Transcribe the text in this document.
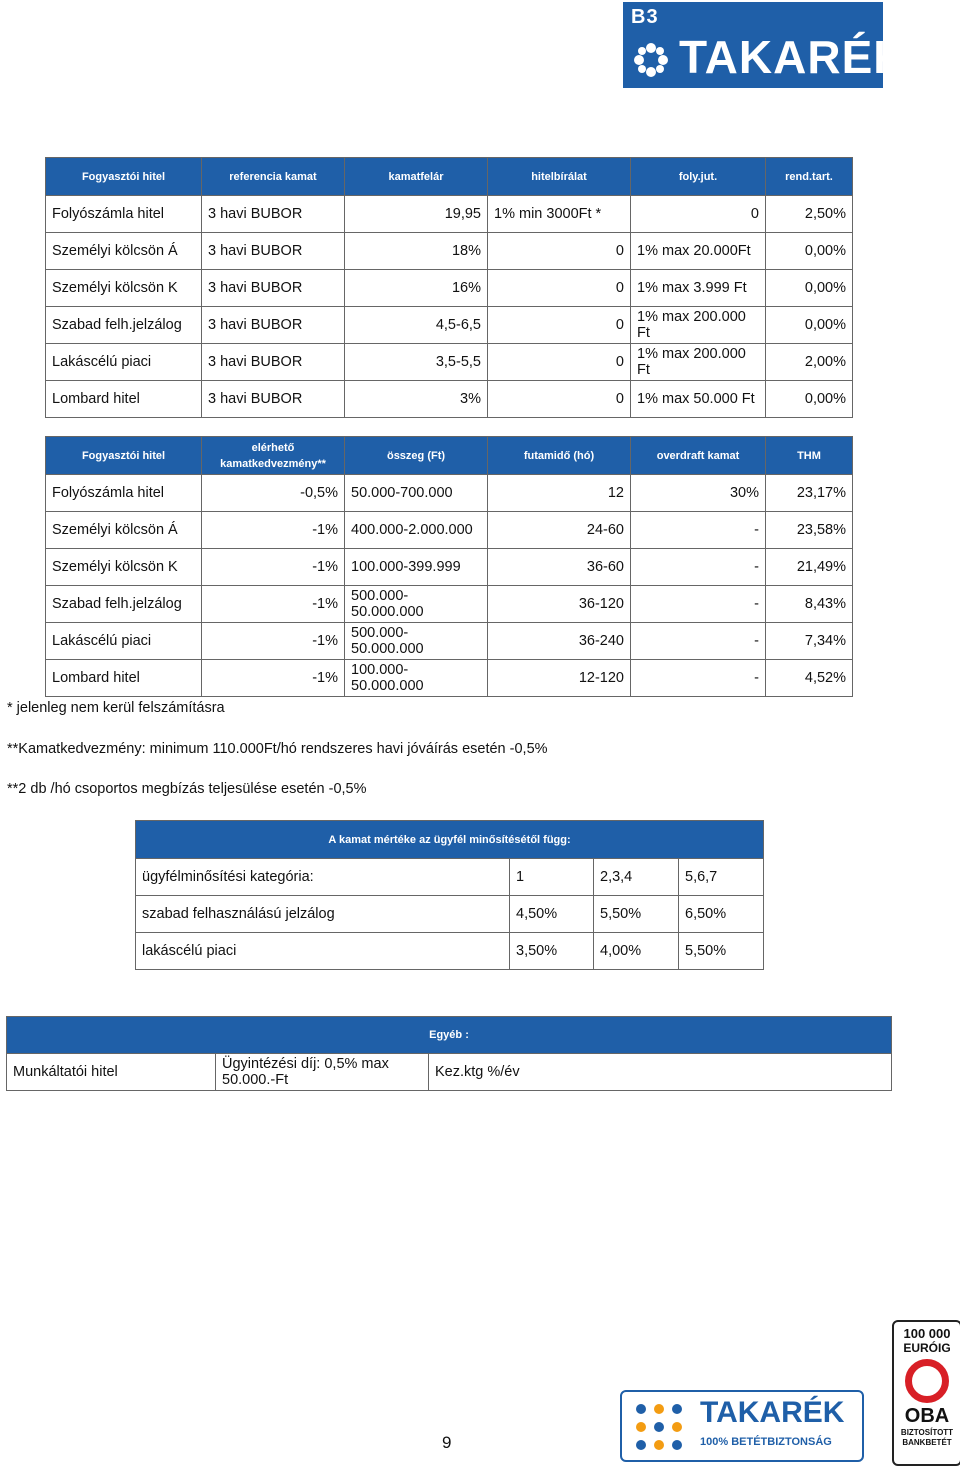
B3
TAKARÉK
Fogyasztói hitel	referencia kamat	kamatfelár	hitelbírálat	foly.jut.	rend.tart.
Folyószámla hitel	3 havi BUBOR	19,95	1% min 3000Ft *	0	2,50%
Személyi kölcsön Á	3 havi BUBOR	18%	0	1% max 20.000Ft	0,00%
Személyi kölcsön K	3 havi BUBOR	16%	0	1% max 3.999 Ft	0,00%
Szabad felh.jelzálog	3 havi BUBOR	4,5-6,5	0	1% max 200.000 Ft	0,00%
Lakáscélú piaci	3 havi BUBOR	3,5-5,5	0	1% max 200.000 Ft	2,00%
Lombard hitel	3 havi BUBOR	3%	0	1% max 50.000 Ft	0,00%
Fogyasztói hitel	elérhető kamatkedvezmény**	összeg (Ft)	futamidő (hó)	overdraft kamat	THM
Folyószámla hitel	-0,5%	50.000-700.000	12	30%	23,17%
Személyi kölcsön Á	-1%	400.000-2.000.000	24-60	-	23,58%
Személyi kölcsön K	-1%	100.000-399.999	36-60	-	21,49%
Szabad felh.jelzálog	-1%	500.000- 50.000.000	36-120	-	8,43%
Lakáscélú piaci	-1%	500.000- 50.000.000	36-240	-	7,34%
Lombard hitel	-1%	100.000- 50.000.000	12-120	-	4,52%
* jelenleg nem kerül felszámításra
**Kamatkedvezmény: minimum 110.000Ft/hó rendszeres havi jóváírás esetén -0,5%
**2 db /hó csoportos megbízás teljesülése esetén -0,5%
A kamat mértéke az ügyfél minősítésétől függ:			
ügyfélminősítési kategória:	1	2,3,4	5,6,7
szabad felhasználású jelzálog	4,50%	5,50%	6,50%
lakáscélú piaci	3,50%	4,00%	5,50%
Egyéb :
Munkáltatói hitel	Ügyintézési díj: 0,5% max 50.000.-Ft	Kez.ktg %/év
9
TAKARÉK
100% BETÉTBIZTONSÁG
100 000
EURÓIG
OBA
BIZTOSÍTOTT
BANKBETÉT
